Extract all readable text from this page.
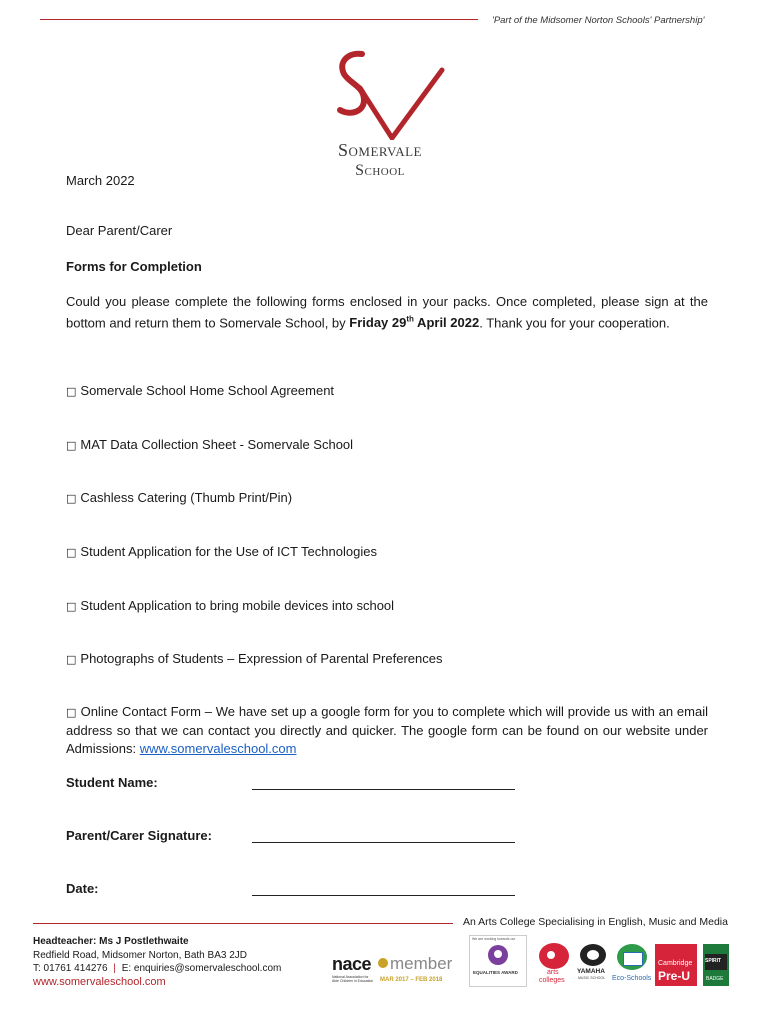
'Part of the Midsomer Norton Schools' Partnership'
Somervale
School
March 2022
Dear Parent/Carer
Forms for Completion
Could you please complete the following forms enclosed in your packs. Once completed, please sign at the bottom and return them to Somervale School, by Friday 29th April 2022. Thank you for your cooperation.
□ Somervale School Home School Agreement
□ MAT Data Collection Sheet - Somervale School
□ Cashless Catering (Thumb Print/Pin)
□ Student Application for the Use of ICT Technologies
□ Student Application to bring mobile devices into school
□ Photographs of Students – Expression of Parental Preferences
□ Online Contact Form – We have set up a google form for you to complete which will provide us with an email address so that we can contact you directly and quicker. The google form can be found on our website under Admissions: www.somervaleschool.com
Student Name:
Parent/Carer Signature:
Date:
An Arts College Specialising in English, Music and Media
Headteacher: Ms J Postlethwaite
Redfield Road, Midsomer Norton, Bath BA3 2JD
T: 01761 414276 | E: enquiries@somervaleschool.com
www.somervaleschool.com
nace member
National Association for Able Children in Education	MAR 2017 – FEB 2018
We are working towards our
EQUALITIES AWARD	arts
colleges
YAMAHA
MUSIC SCHOOL Eco-Schools
Cambridge
Pre-U
SPIRIT
BADGE
